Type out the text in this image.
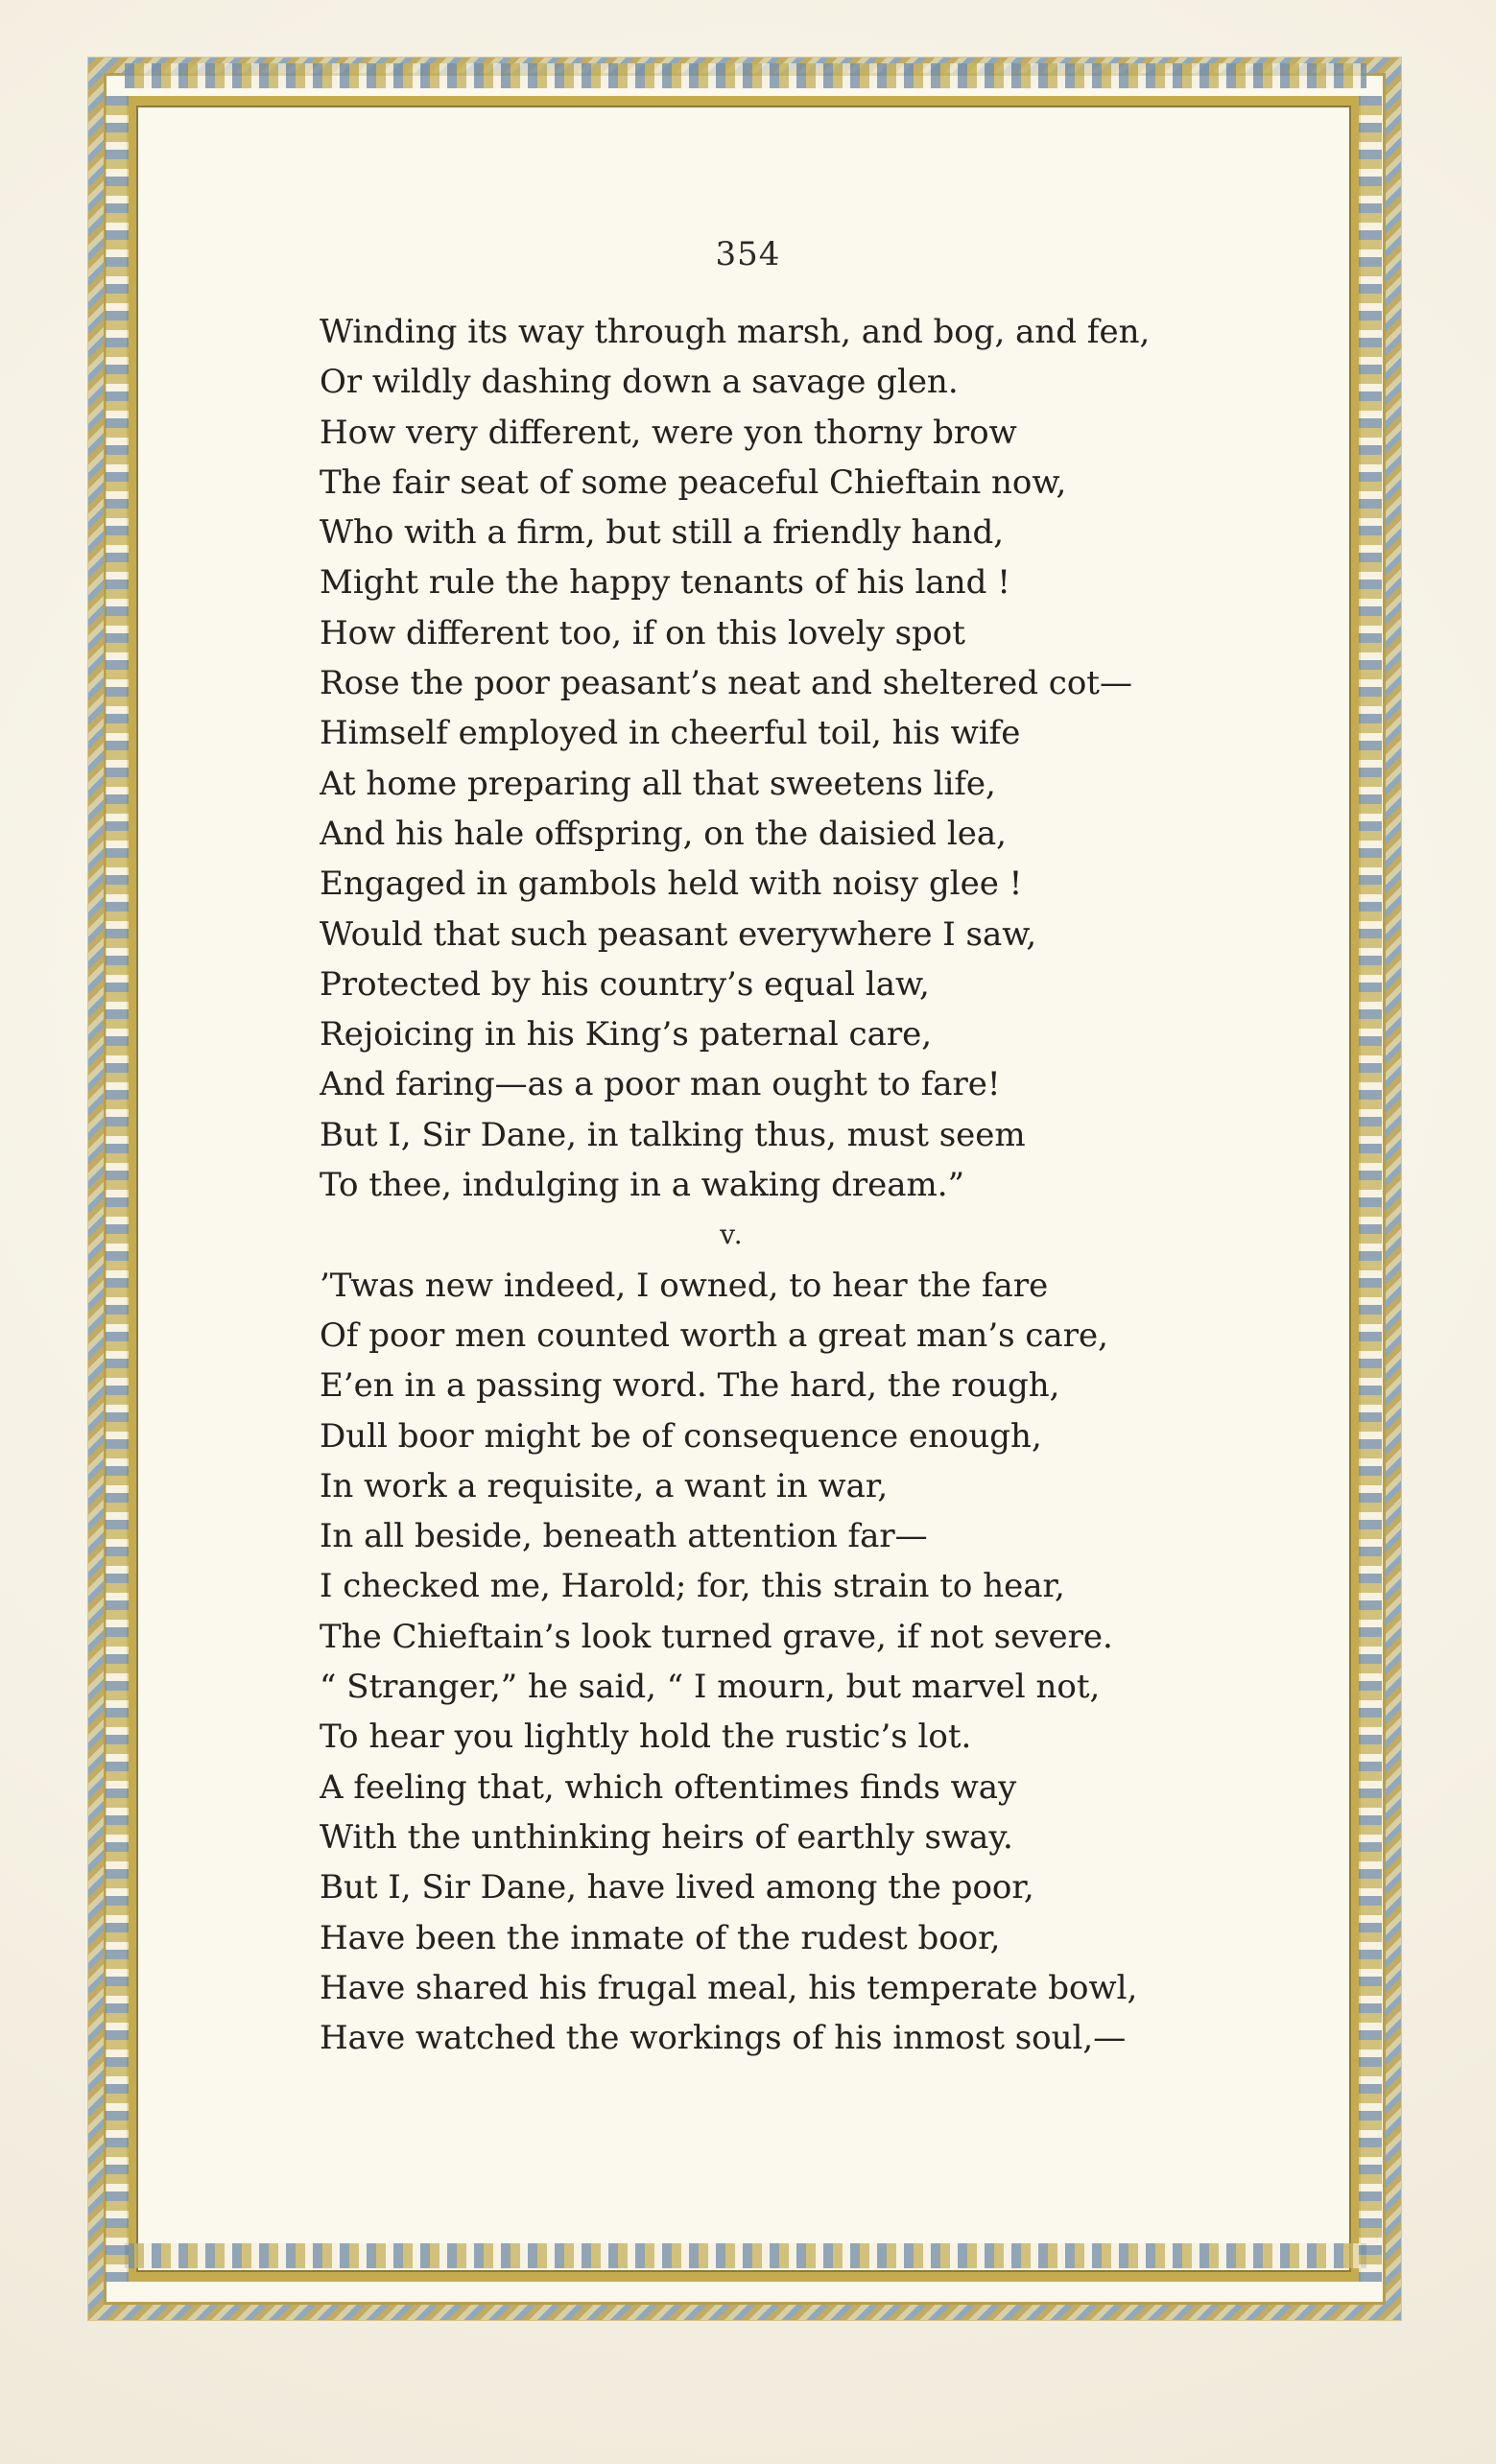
354
Winding its way through marsh, and bog, and fen,
Or wildly dashing down a savage glen.
How very different, were yon thorny brow
The fair seat of some peaceful Chieftain now,
Who with a firm, but still a friendly hand,
Might rule the happy tenants of his land !
How different too, if on this lovely spot
Rose the poor peasant’s neat and sheltered cot—
Himself employed in cheerful toil, his wife
At home preparing all that sweetens life,
And his hale offspring, on the daisied lea,
Engaged in gambols held with noisy glee !
Would that such peasant everywhere I saw,
Protected by his country’s equal law,
Rejoicing in his King’s paternal care,
And faring—as a poor man ought to fare!
But I, Sir Dane, in talking thus, must seem
To thee, indulging in a waking dream.”
v.
’Twas new indeed, I owned, to hear the fare
Of poor men counted worth a great man’s care,
E’en in a passing word. The hard, the rough,
Dull boor might be of consequence enough,
In work a requisite, a want in war,
In all beside, beneath attention far—
I checked me, Harold; for, this strain to hear,
The Chieftain’s look turned grave, if not severe.
“ Stranger,” he said, “ I mourn, but marvel not,
To hear you lightly hold the rustic’s lot.
A feeling that, which oftentimes finds way
With the unthinking heirs of earthly sway.
But I, Sir Dane, have lived among the poor,
Have been the inmate of the rudest boor,
Have shared his frugal meal, his temperate bowl,
Have watched the workings of his inmost soul,—
